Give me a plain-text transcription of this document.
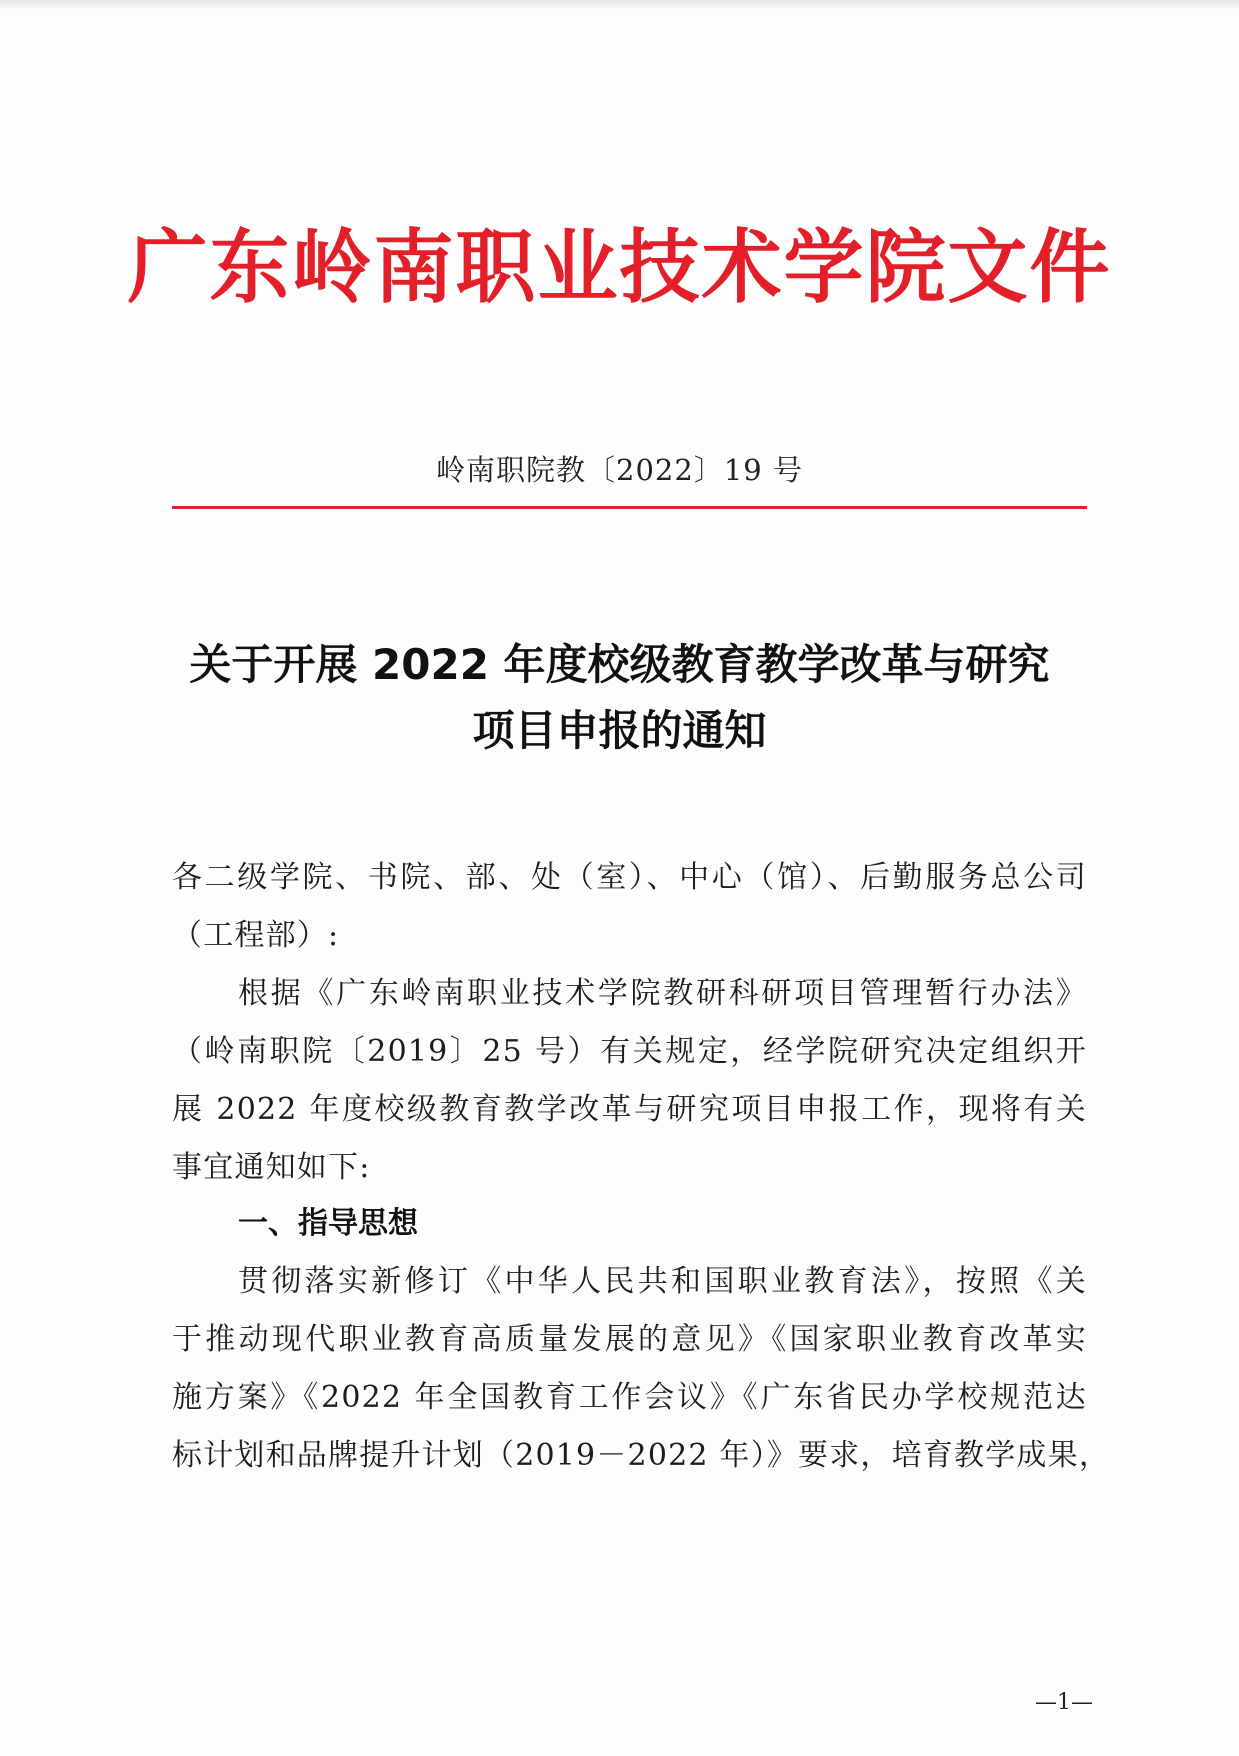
广东岭南职业技术学院文件
岭南职院教〔2022〕19 号
关于开展 2022 年度校级教育教学改革与研究
项目申报的通知
各二级学院、书院、部、处（室）、中心（馆）、后勤服务总公司
（工程部）:
根据《广东岭南职业技术学院教研科研项目管理暂行办法》
（岭南职院〔2019〕25 号）有关规定，经学院研究决定组织开
展 2022 年度校级教育教学改革与研究项目申报工作，现将有关
事宜通知如下:
一、指导思想
贯彻落实新修订《中华人民共和国职业教育法》，按照《关
于推动现代职业教育高质量发展的意见》《国家职业教育改革实
施方案》《2022 年全国教育工作会议》《广东省民办学校规范达
标计划和品牌提升计划（2019－2022 年）》要求，培育教学成果，
—1—
